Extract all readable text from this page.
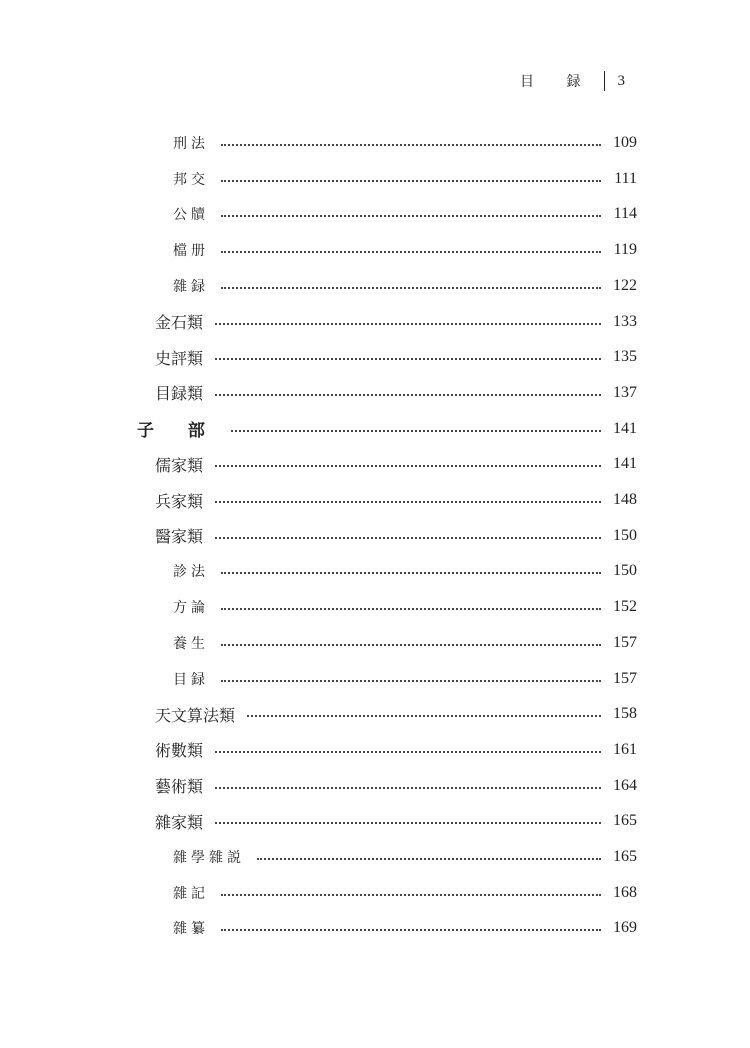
目 録 3
刑法	109
邦交	111
公牘	114
檔册	119
雜録	122
金石類	133
史評類	135
目録類	137
子 部	141
儒家類	141
兵家類	148
醫家類	150
診法	150
方論	152
養生	157
目録	157
天文算法類	158
術數類	161
藝術類	164
雜家類	165
雜學雜説	165
雜記	168
雜纂	169
